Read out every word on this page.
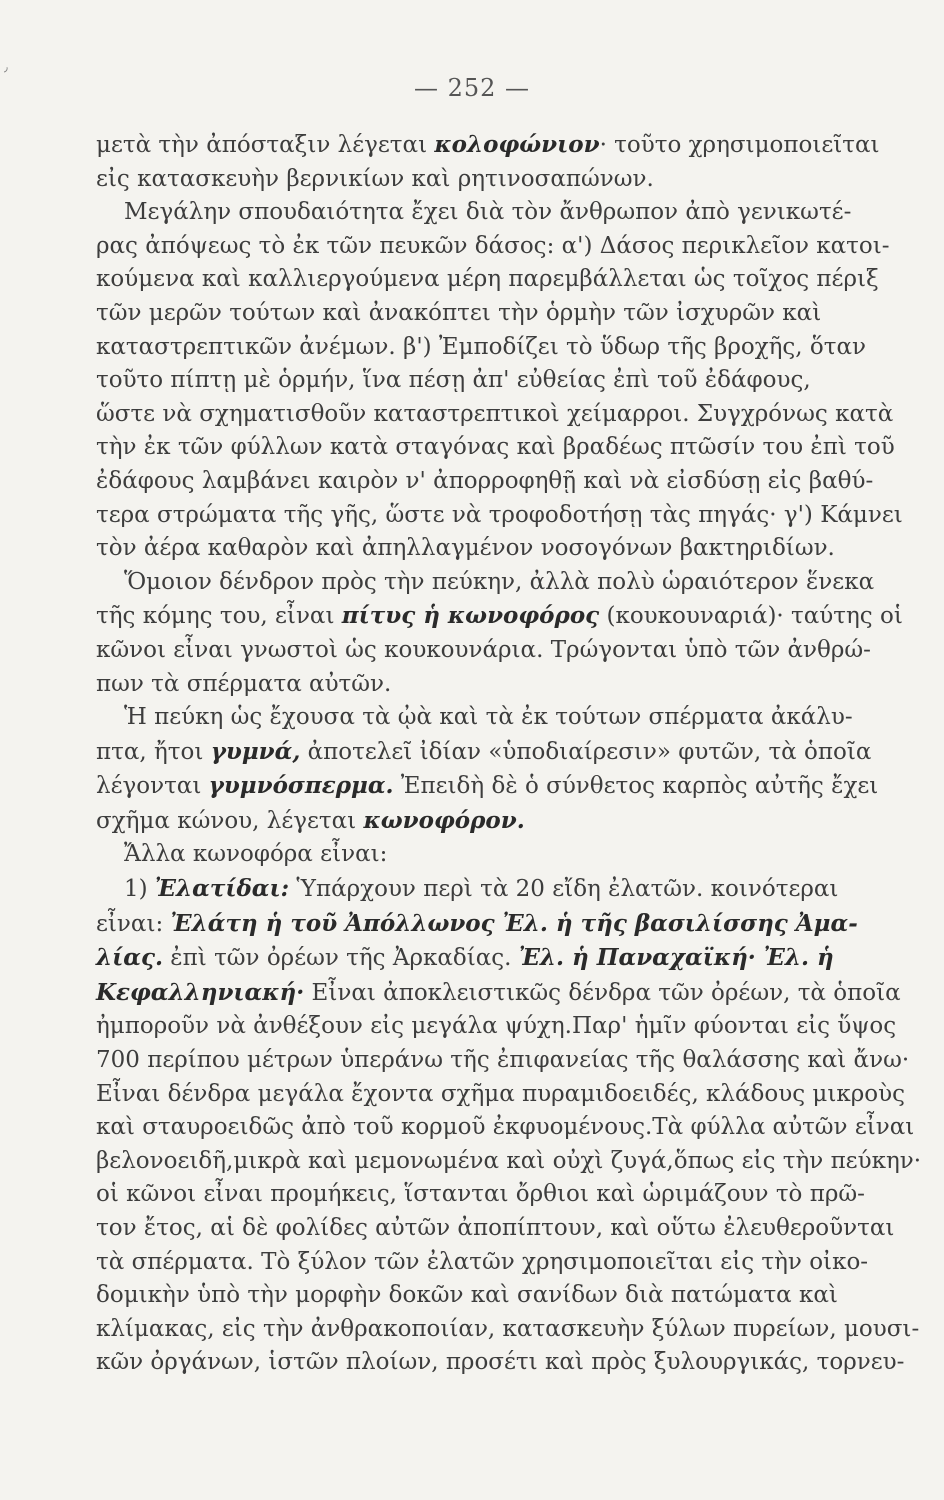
٫
— 252 —
μετὰ τὴν ἀπόσταξιν λέγεται κολοφώνιον· τοῦτο χρησιμοποιεῖται
εἰς κατασκευὴν βερνικίων καὶ ρητινοσαπώνων.
Μεγάλην σπουδαιότητα ἔχει διὰ τὸν ἄνθρωπον ἀπὸ γενικωτέ-
ρας ἀπόψεως τὸ ἐκ τῶν πευκῶν δάσος: α') Δάσος περικλεῖον κατοι-
κούμενα καὶ καλλιεργούμενα μέρη παρεμβάλλεται ὡς τοῖχος πέριξ
τῶν μερῶν τούτων καὶ ἀνακόπτει τὴν ὁρμὴν τῶν ἰσχυρῶν καὶ
καταστρεπτικῶν ἀνέμων. β') Ἐμποδίζει τὸ ὕδωρ τῆς βροχῆς, ὅταν
τοῦτο πίπτῃ μὲ ὁρμήν, ἵνα πέσῃ ἀπ' εὐθείας ἐπὶ τοῦ ἐδάφους,
ὥστε νὰ σχηματισθοῦν καταστρεπτικοὶ χείμαρροι. Συγχρόνως κατὰ
τὴν ἐκ τῶν φύλλων κατὰ σταγόνας καὶ βραδέως πτῶσίν του ἐπὶ τοῦ
ἐδάφους λαμβάνει καιρὸν ν' ἀπορροφηθῇ καὶ νὰ εἰσδύσῃ εἰς βαθύ-
τερα στρώματα τῆς γῆς, ὥστε νὰ τροφοδοτήσῃ τὰς πηγάς· γ') Κάμνει
τὸν ἀέρα καθαρὸν καὶ ἀπηλλαγμένον νοσογόνων βακτηριδίων.
Ὅμοιον δένδρον πρὸς τὴν πεύκην, ἀλλὰ πολὺ ὡραιότερον ἕνεκα
τῆς κόμης του, εἶναι πίτυς ἡ κωνοφόρος (κουκουναριά)· ταύτης οἱ
κῶνοι εἶναι γνωστοὶ ὡς κουκουνάρια. Τρώγονται ὑπὸ τῶν ἀνθρώ-
πων τὰ σπέρματα αὐτῶν.
Ἡ πεύκη ὡς ἔχουσα τὰ ᾠὰ καὶ τὰ ἐκ τούτων σπέρματα ἀκάλυ-
πτα, ἤτοι γυμνά, ἀποτελεῖ ἰδίαν «ὑποδιαίρεσιν» φυτῶν, τὰ ὁποῖα
λέγονται γυμνόσπερμα. Ἐπειδὴ δὲ ὁ σύνθετος καρπὸς αὐτῆς ἔχει
σχῆμα κώνου, λέγεται κωνοφόρον.
Ἄλλα κωνοφόρα εἶναι:
1) Ἐλατίδαι: Ὑπάρχουν περὶ τὰ 20 εἴδη ἐλατῶν. κοινότεραι
εἶναι: Ἐλάτη ἡ τοῦ Ἀπόλλωνος Ἐλ. ἡ τῆς βασιλίσσης Ἀμα-
λίας. ἐπὶ τῶν ὀρέων τῆς Ἀρκαδίας. Ἐλ. ἡ Παναχαϊκή· Ἐλ. ἡ
Κεφαλληνιακή· Εἶναι ἀποκλειστικῶς δένδρα τῶν ὀρέων, τὰ ὁποῖα
ἠμποροῦν νὰ ἀνθέξουν εἰς μεγάλα ψύχη.Παρ' ἡμῖν φύονται εἰς ὕψος
700 περίπου μέτρων ὑπεράνω τῆς ἐπιφανείας τῆς θαλάσσης καὶ ἄνω·
Εἶναι δένδρα μεγάλα ἔχοντα σχῆμα πυραμιδοειδές, κλάδους μικροὺς
καὶ σταυροειδῶς ἀπὸ τοῦ κορμοῦ ἐκφυομένους.Τὰ φύλλα αὐτῶν εἶναι
βελονοειδῆ,μικρὰ καὶ μεμονωμένα καὶ οὐχὶ ζυγά,ὅπως εἰς τὴν πεύκην·
οἱ κῶνοι εἶναι προμήκεις, ἵστανται ὄρθιοι καὶ ὡριμάζουν τὸ πρῶ-
τον ἔτος, αἱ δὲ φολίδες αὐτῶν ἀποπίπτουν, καὶ οὕτω ἐλευθεροῦνται
τὰ σπέρματα. Τὸ ξύλον τῶν ἐλατῶν χρησιμοποιεῖται εἰς τὴν οἰκο-
δομικὴν ὑπὸ τὴν μορφὴν δοκῶν καὶ σανίδων διὰ πατώματα καὶ
κλίμακας, εἰς τὴν ἀνθρακοποιίαν, κατασκευὴν ξύλων πυρείων, μουσι-
κῶν ὀργάνων, ἱστῶν πλοίων, προσέτι καὶ πρὸς ξυλουργικάς, τορνευ-
